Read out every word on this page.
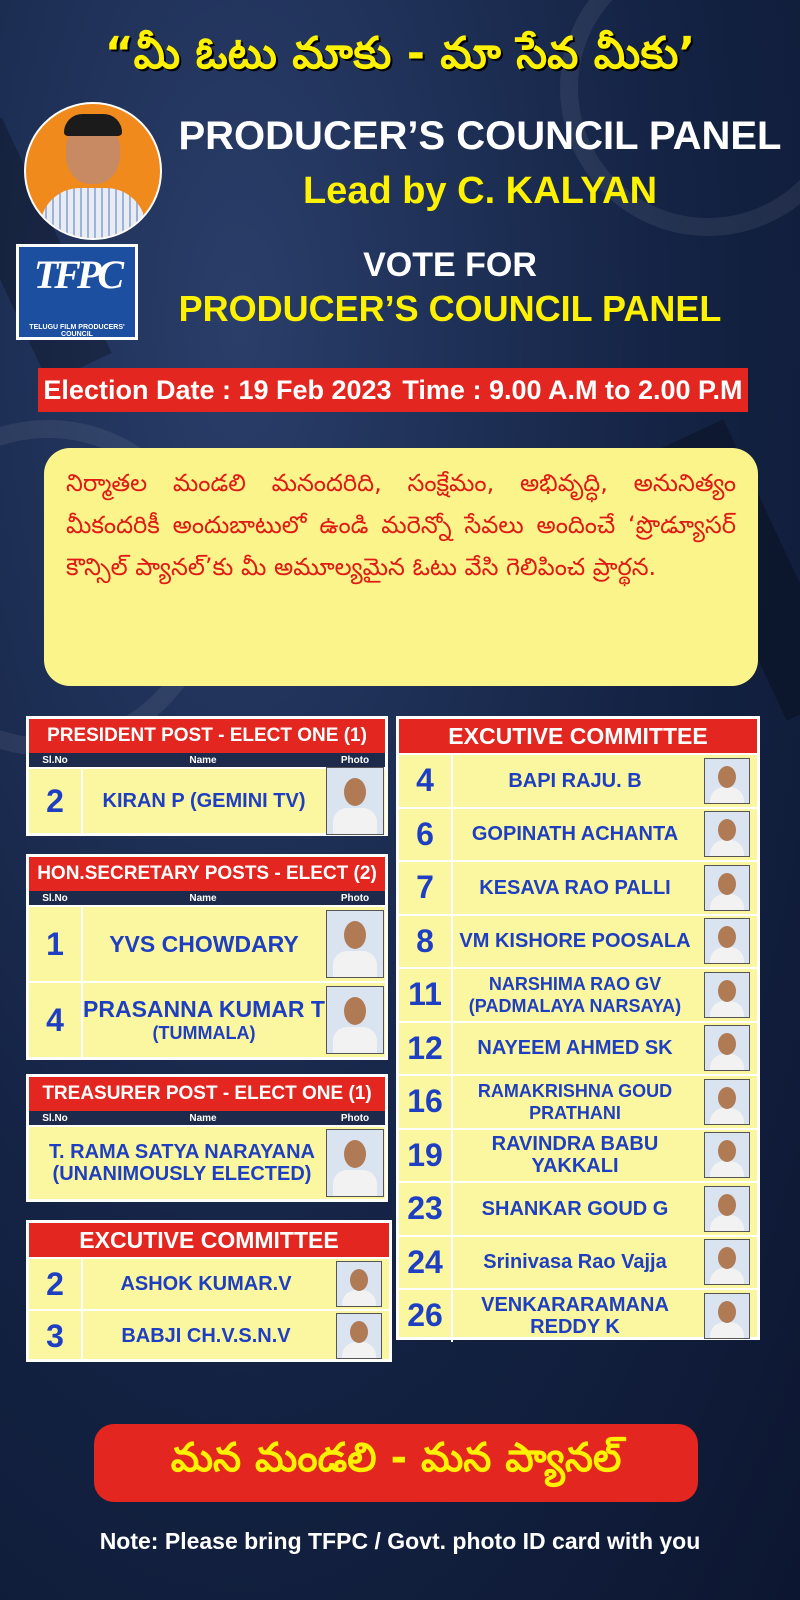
“మీ ఓటు మాకు - మా సేవ మీకు’
PRODUCER’S COUNCIL PANEL
Lead by C. KALYAN
TFPC
TELUGU FILM PRODUCERS' COUNCIL
VOTE FOR
PRODUCER’S COUNCIL PANEL
Election Date : 19 Feb 2023 Time : 9.00 A.M to 2.00 P.M
నిర్మాతల మండలి మనందరిది, సంక్షేమం, అభివృద్ధి, అనునిత్యం మీకందరికీ అందుబాటులో ఉండి మరెన్నో సేవలు అందించే ‘ప్రొడ్యూసర్ కౌన్సిల్ ప్యానల్’కు మీ అమూల్యమైన ఓటు వేసి గెలిపించ ప్రార్థన.
PRESIDENT POST - ELECT ONE (1)
Sl.No	Name	Photo
2	KIRAN P (GEMINI TV)
HON.SECRETARY POSTS - ELECT (2)
Sl.No	Name	Photo
1	YVS CHOWDARY
4 PRASANNA KUMAR T
(TUMMALA)
TREASURER POST - ELECT ONE (1)
Sl.No	Name	Photo
T. RAMA SATYA NARAYANA
(UNANIMOUSLY ELECTED)
EXCUTIVE COMMITTEE
2	ASHOK KUMAR.V
3	BABJI CH.V.S.N.V
EXCUTIVE COMMITTEE
4	BAPI RAJU. B
6	GOPINATH ACHANTA
7	KESAVA RAO PALLI
8	VM KISHORE POOSALA
11	NARSHIMA RAO GV
(PADMALAYA NARSAYA)
12	NAYEEM AHMED SK
16	RAMAKRISHNA GOUD
PRATHANI
19	RAVINDRA BABU YAKKALI
23	SHANKAR GOUD G
24	Srinivasa Rao Vajja
26	VENKARARAMANA REDDY K
మన మండలి - మన ప్యానల్
Note: Please bring TFPC / Govt. photo ID card with you
